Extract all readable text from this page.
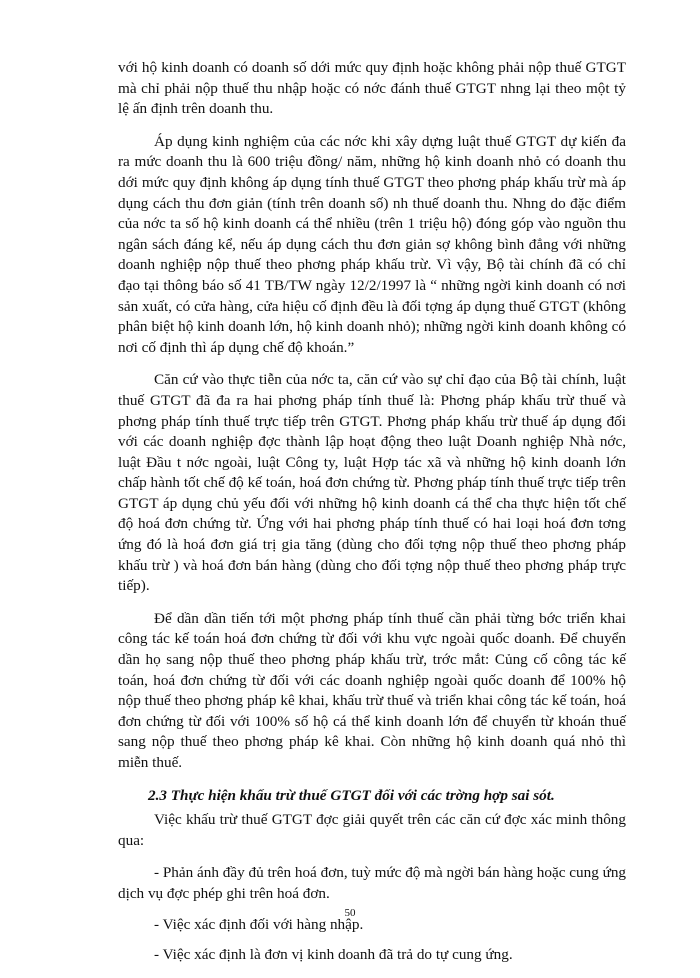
với hộ kinh doanh có doanh số dới mức quy định hoặc không phải nộp thuế GTGT mà chỉ phải nộp thuế thu nhập hoặc có nớc đánh thuế GTGT nhng lại theo một tỷ lệ ấn định trên doanh thu.

Áp dụng kinh nghiệm của các nớc khi xây dựng luật thuế GTGT dự kiến đa ra mức doanh thu là 600 triệu đồng/ năm, những hộ kinh doanh nhỏ có doanh thu dới mức quy định không áp dụng tính thuế GTGT theo phơng pháp khấu trừ mà áp dụng cách thu đơn giản (tính trên doanh số) nh thuế doanh thu. Nhng do đặc điểm của nớc ta số hộ kinh doanh cá thể nhiều (trên 1 triệu hộ) đóng góp vào nguồn thu ngân sách đáng kể, nếu áp dụng cách thu đơn giản sợ không bình đẳng với những doanh nghiệp nộp thuế theo phơng pháp khấu trừ. Vì vậy, Bộ tài chính đã có chỉ đạo tại thông báo số 41 TB/TW ngày 12/2/1997 là “ những ngời kinh doanh có nơi sản xuất, có cửa hàng, cửa hiệu cố định đều là đối tợng áp dụng thuế GTGT (không phân biệt hộ kinh doanh lớn, hộ kinh doanh nhỏ); những ngời kinh doanh không có nơi cố định thì áp dụng chế độ khoán.”

Căn cứ vào thực tiễn của nớc ta, căn cứ vào sự chỉ đạo của Bộ tài chính, luật thuế GTGT đã đa ra hai phơng pháp tính thuế là: Phơng pháp khấu trừ thuế và phơng pháp tính thuế trực tiếp trên GTGT. Phơng pháp khấu trừ thuế áp dụng đối với các doanh nghiệp đợc thành lập hoạt động theo luật Doanh nghiệp Nhà nớc, luật Đầu t nớc ngoài, luật Công ty, luật Hợp tác xã và những hộ kinh doanh lớn chấp hành tốt chế độ kế toán, hoá đơn chứng từ. Phơng pháp tính thuế trực tiếp trên GTGT áp dụng chủ yếu đối với những hộ kinh doanh cá thể cha thực hiện tốt chế độ hoá đơn chứng từ. Ứng với hai phơng pháp tính thuế có hai loại hoá đơn tơng ứng đó là hoá đơn giá trị gia tăng (dùng cho đối tợng nộp thuế theo phơng pháp khấu trừ ) và hoá đơn bán hàng (dùng cho đối tợng nộp thuế theo phơng pháp trực tiếp).

Để dần dần tiến tới một phơng pháp tính thuế cần phải từng bớc triển khai công tác kế toán hoá đơn chứng từ đối với khu vực ngoài quốc doanh. Để chuyển dần họ sang nộp thuế theo phơng pháp khấu trừ, trớc mắt: Củng cố công tác kế toán, hoá đơn chứng từ đối với các doanh nghiệp ngoài quốc doanh để 100% hộ nộp thuế theo phơng pháp kê khai, khấu trừ thuế và triển khai công tác kế toán, hoá đơn chứng từ đối với 100% số hộ cá thể kinh doanh lớn để chuyển từ khoán thuế sang nộp thuế theo phơng pháp kê khai. Còn những hộ kinh doanh quá nhỏ thì miễn thuế.

2.3 Thực hiện khấu trừ thuế GTGT đối với các trờng hợp sai sót.

Việc khấu trừ thuế GTGT đợc giải quyết trên các căn cứ đợc xác minh thông qua:

- Phản ánh đầy đủ trên hoá đơn, tuỳ mức độ mà ngời bán hàng hoặc cung ứng dịch vụ đợc phép ghi trên hoá đơn.

- Việc xác định đối với hàng nhập.

- Việc xác định là đơn vị kinh doanh đã trả do tự cung ứng.

50
